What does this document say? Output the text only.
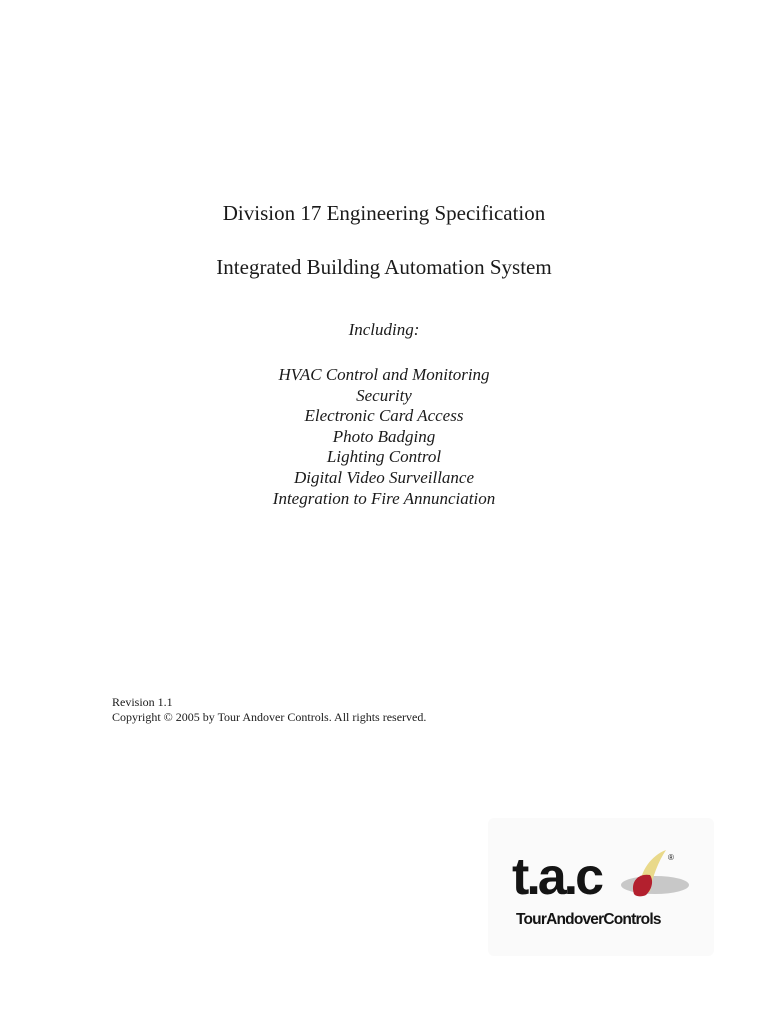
Division 17 Engineering Specification
Integrated Building Automation System
Including:
HVAC Control and Monitoring
Security
Electronic Card Access
Photo Badging
Lighting Control
Digital Video Surveillance
Integration to Fire Annunciation
Revision 1.1
Copyright © 2005 by Tour Andover Controls. All rights reserved.
t.a.c	®
TourAndoverControls
